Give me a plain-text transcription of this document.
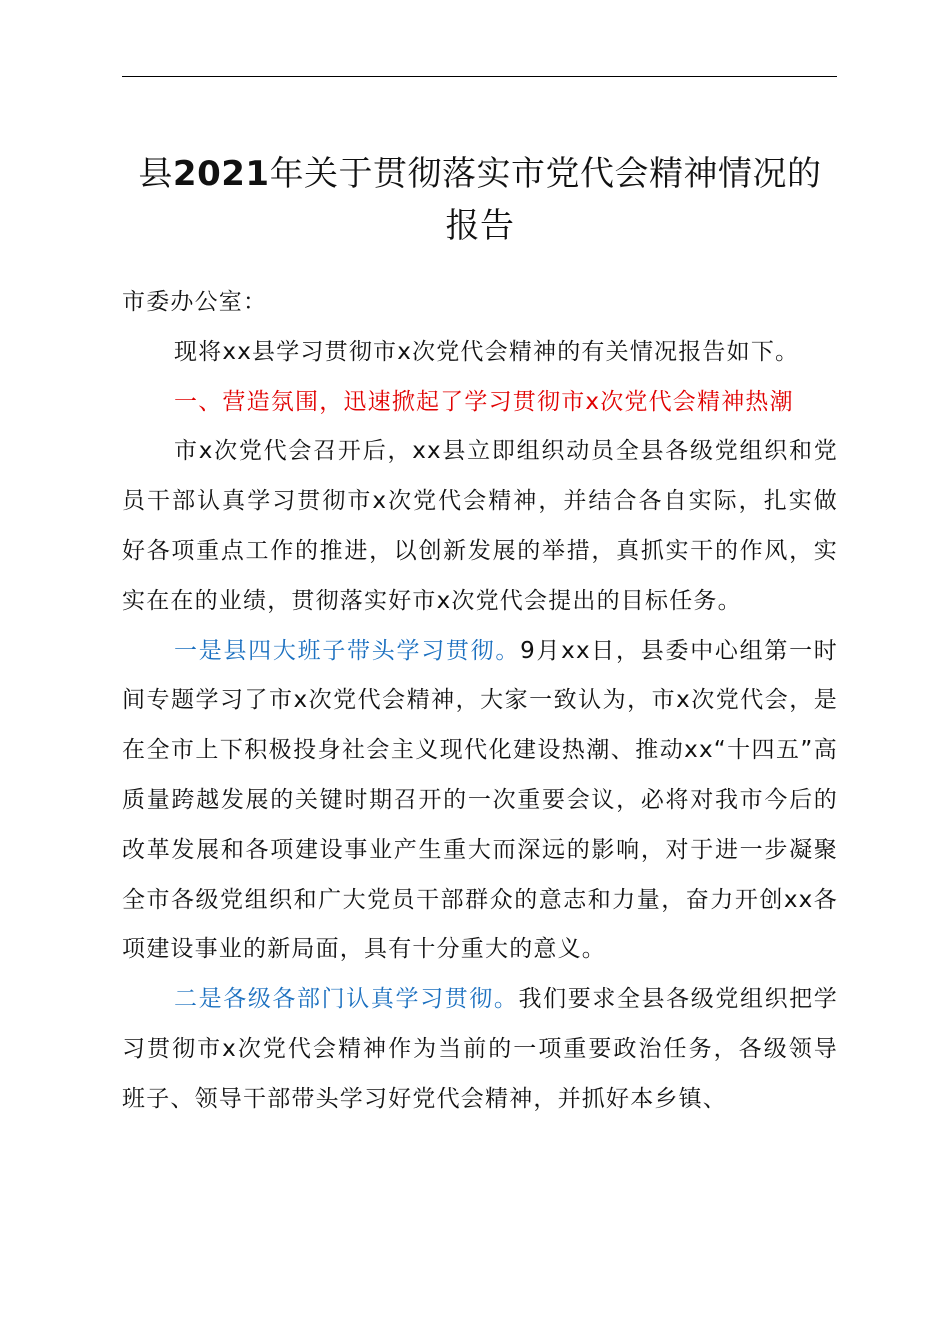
县2021年关于贯彻落实市党代会精神情况的
报告

市委办公室：

现将xx县学习贯彻市x次党代会精神的有关情况报告如下。

一、营造氛围，迅速掀起了学习贯彻市x次党代会精神热潮

市x次党代会召开后，xx县立即组织动员全县各级党组织和党员干部认真学习贯彻市x次党代会精神，并结合各自实际，扎实做好各项重点工作的推进，以创新发展的举措，真抓实干的作风，实实在在的业绩，贯彻落实好市x次党代会提出的目标任务。

一是县四大班子带头学习贯彻。9月xx日，县委中心组第一时间专题学习了市x次党代会精神，大家一致认为，市x次党代会，是在全市上下积极投身社会主义现代化建设热潮、推动xx“十四五”高质量跨越发展的关键时期召开的一次重要会议，必将对我市今后的改革发展和各项建设事业产生重大而深远的影响，对于进一步凝聚全市各级党组织和广大党员干部群众的意志和力量，奋力开创xx各项建设事业的新局面，具有十分重大的意义。

二是各级各部门认真学习贯彻。我们要求全县各级党组织把学习贯彻市x次党代会精神作为当前的一项重要政治任务，各级领导班子、领导干部带头学习好党代会精神，并抓好本乡镇、
